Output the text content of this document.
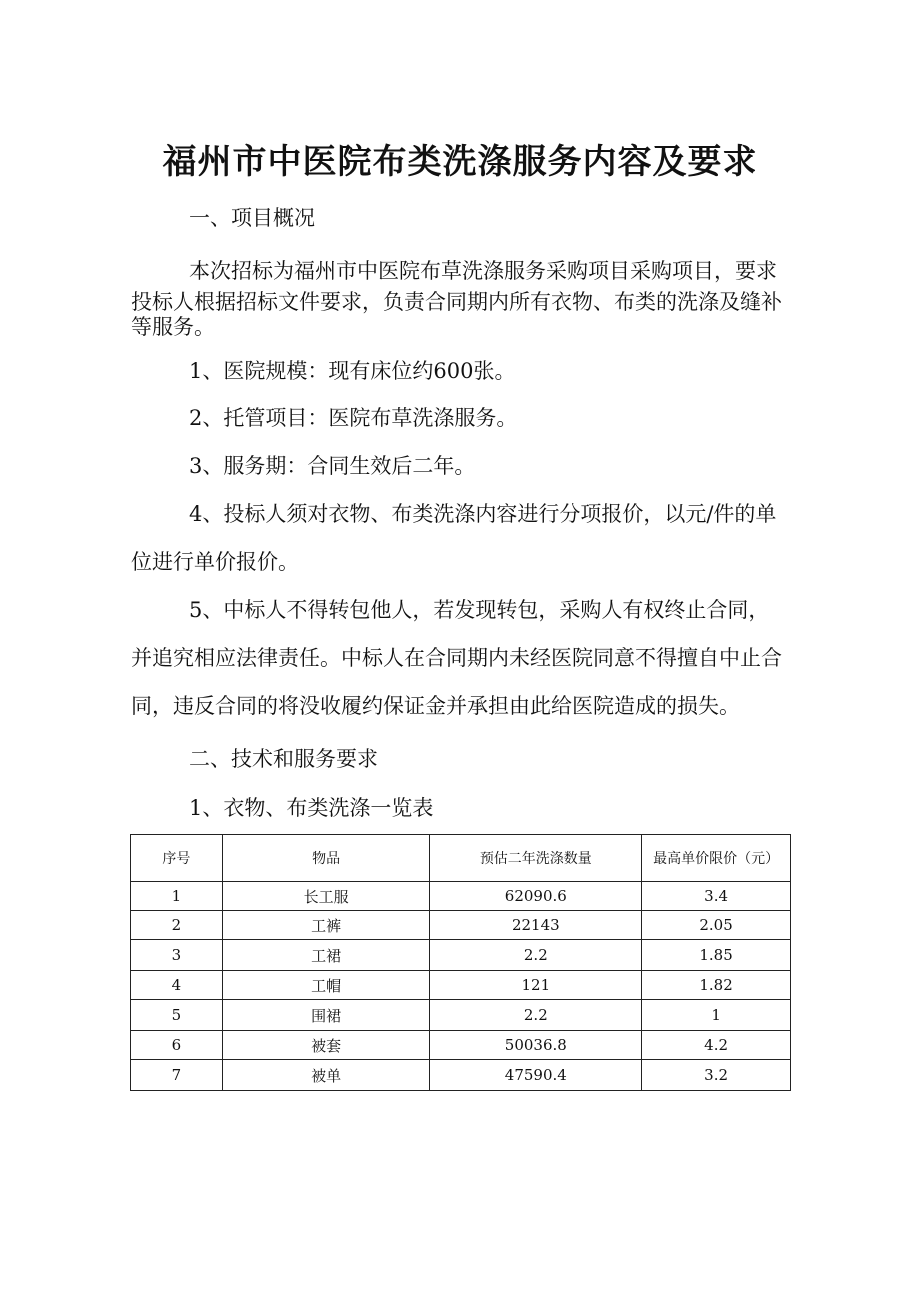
福州市中医院布类洗涤服务内容及要求
一、项目概况
本次招标为福州市中医院布草洗涤服务采购项目采购项目，要求
投标人根据招标文件要求，负责合同期内所有衣物、布类的洗涤及缝补
等服务。
1、医院规模：现有床位约600张。
2、托管项目：医院布草洗涤服务。
3、服务期：合同生效后二年。
4、投标人须对衣物、布类洗涤内容进行分项报价，以元/件的单
位进行单价报价。
5、中标人不得转包他人，若发现转包，采购人有权终止合同，
并追究相应法律责任。中标人在合同期内未经医院同意不得擅自中止合
同，违反合同的将没收履约保证金并承担由此给医院造成的损失。
二、技术和服务要求
1、衣物、布类洗涤一览表
序号	物品	预估二年洗涤数量	最高单价限价（元）
1	长工服	62090.6	3.4
2	工裤	22143	2.05
3	工裙	2.2	1.85
4	工帽	121	1.82
5	围裙	2.2	1
6	被套	50036.8	4.2
7	被单	47590.4	3.2
